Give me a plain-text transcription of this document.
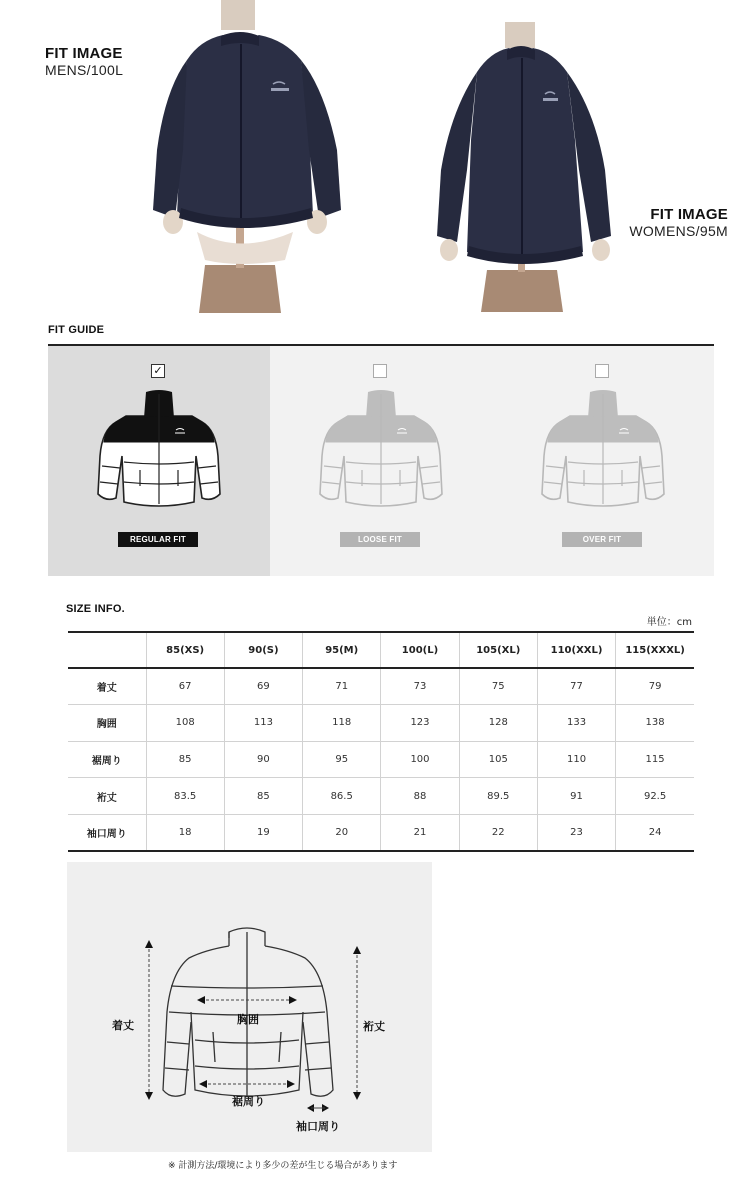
FIT IMAGE
MENS/100L
FIT IMAGE
WOMENS/95M
FIT GUIDE
✓
REGULAR FIT	LOOSE FIT	OVER FIT
SIZE INFO.
単位：cm
	85(XS)	90(S)	95(M)	100(L)	105(XL)	110(XXL)	115(XXXL)
着丈	67	69	71	73	75	77	79
胸囲	108	113	118	123	128	133	138
裾周り	85	90	95	100	105	110	115
裄丈	83.5	85	86.5	88	89.5	91	92.5
袖口周り	18	19	20	21	22	23	24
着丈	胸囲
裄丈
裾周り
袖口周り
※ 計測方法/環境により多少の差が生じる場合があります
